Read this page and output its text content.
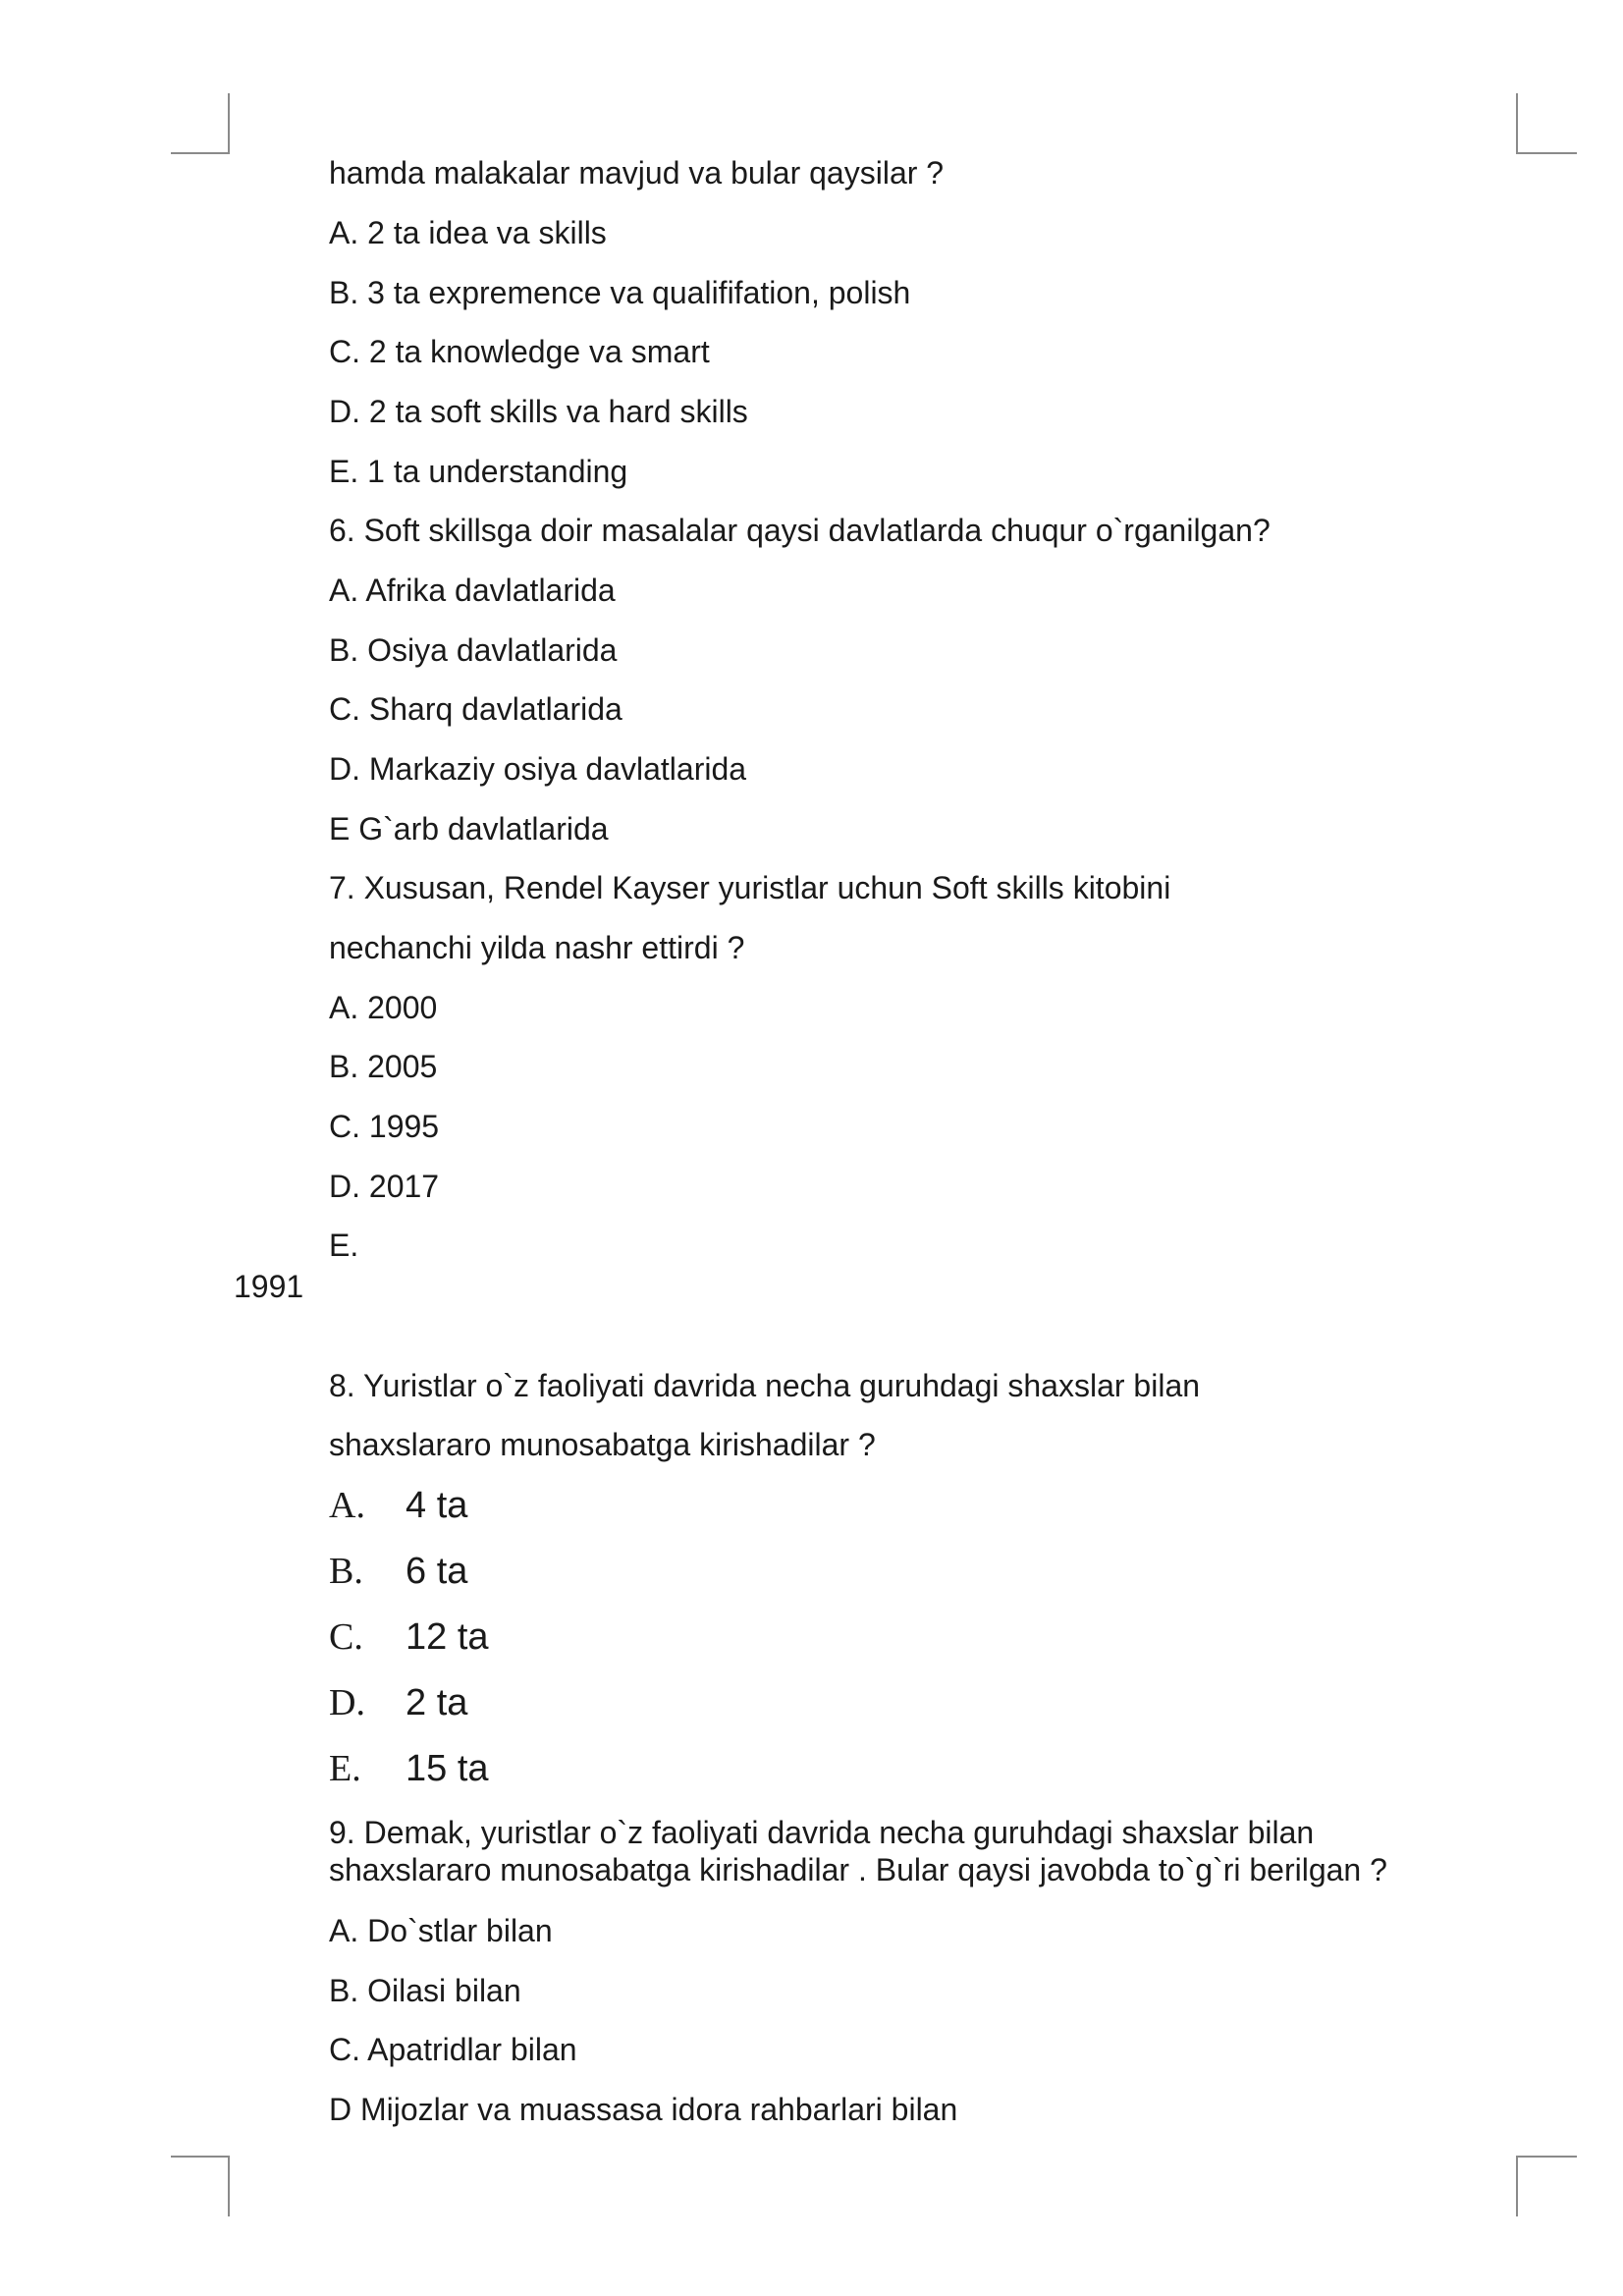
hamda malakalar mavjud va bular qaysilar ?
A. 2 ta idea va skills
B. 3 ta expremence va qualififation, polish
C. 2 ta knowledge va smart
D. 2 ta soft skills va hard skills
E. 1 ta understanding
6. Soft skillsga doir masalalar qaysi davlatlarda chuqur o`rganilgan?
A. Afrika davlatlarida
B. Osiya davlatlarida
C. Sharq davlatlarida
D. Markaziy osiya davlatlarida
E G`arb davlatlarida
7. Xususan, Rendel Kayser yuristlar uchun Soft skills kitobini
nechanchi yilda nashr ettirdi ?
A. 2000
B. 2005
C. 1995
D. 2017
E.
1991
8. Yuristlar o`z faoliyati davrida necha guruhdagi shaxslar bilan
shaxslararo munosabatga kirishadilar ?
A. 4 ta
B. 6 ta
C. 12 ta
D. 2 ta
E. 15 ta
9. Demak, yuristlar o`z faoliyati davrida necha guruhdagi shaxslar bilan
shaxslararo munosabatga kirishadilar . Bular qaysi javobda to`g`ri berilgan ?
A. Do`stlar bilan
B. Oilasi bilan
C. Apatridlar bilan
D Mijozlar va muassasa idora rahbarlari bilan
